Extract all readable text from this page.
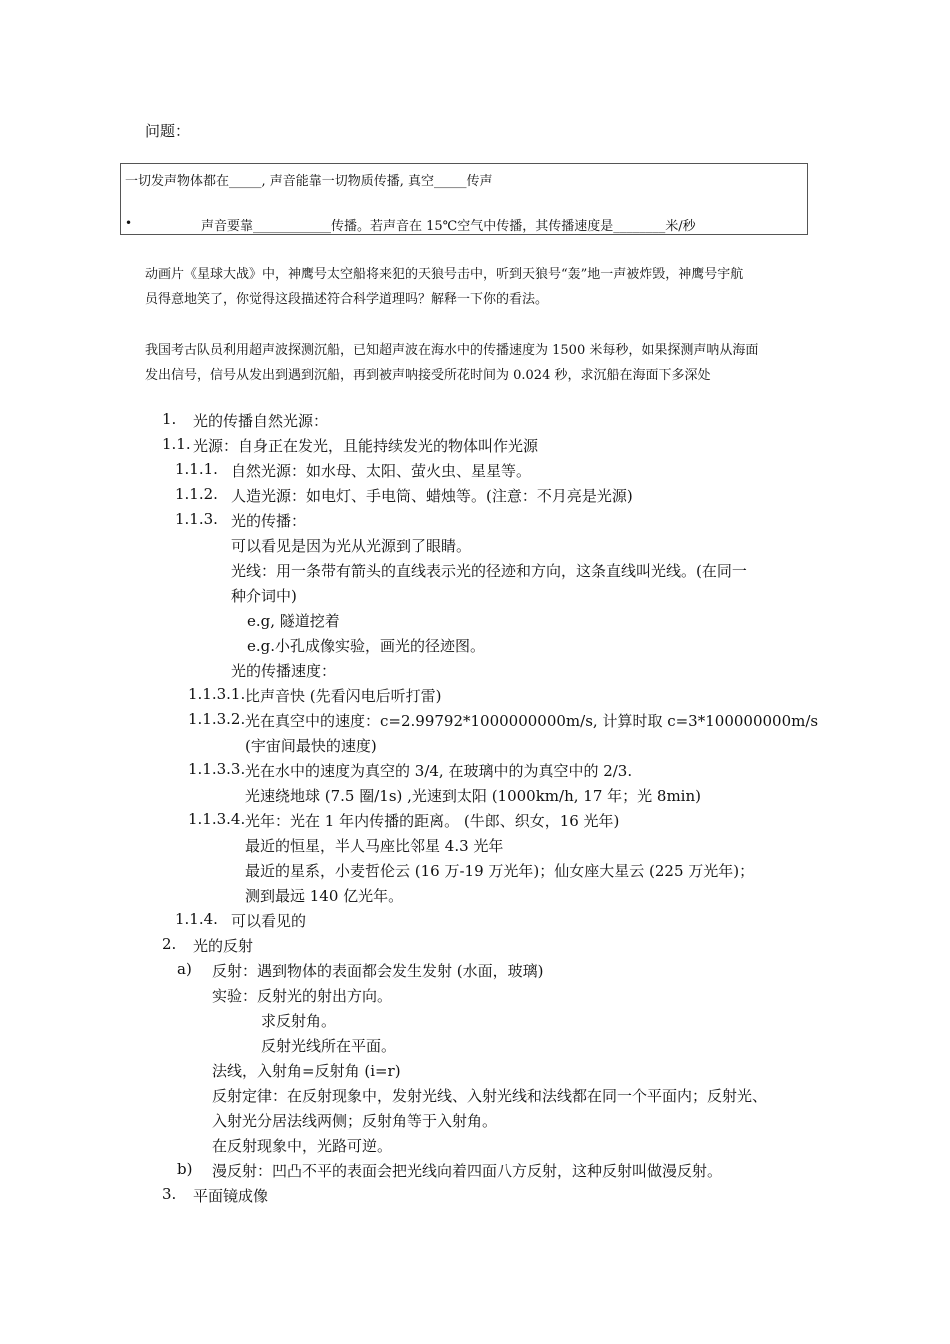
问题：
一切发声物体都在_____, 声音能靠一切物质传播, 真空_____传声
•	声音要靠____________传播。若声音在 15℃空气中传播，其传播速度是________米/秒

动画片《星球大战》中，神鹰号太空船将来犯的天狼号击中，听到天狼号“轰”地一声被炸毁，神鹰号宇航

员得意地笑了，你觉得这段描述符合科学道理吗？解释一下你的看法。

我国考古队员利用超声波探测沉船，已知超声波在海水中的传播速度为 1500 米每秒，如果探测声呐从海面

发出信号，信号从发出到遇到沉船，再到被声呐接受所花时间为 0.024 秒，求沉船在海面下多深处

1. 光的传播自然光源：
1.1. 光源：自身正在发光，且能持续发光的物体叫作光源
1.1.1. 自然光源：如水母、太阳、萤火虫、星星等。
1.1.2. 人造光源：如电灯、手电筒、蜡烛等。(注意：不月亮是光源)
1.1.3. 光的传播：
可以看见是因为光从光源到了眼睛。
光线：用一条带有箭头的直线表示光的径迹和方向，这条直线叫光线。(在同一
种介词中)
e.g, 隧道挖着
e.g.小孔成像实验，画光的径迹图。
光的传播速度：
1.1.3.1. 比声音快 (先看闪电后听打雷)
1.1.3.2. 光在真空中的速度：c=2.99792*1000000000m/s, 计算时取 c=3*100000000m/s
(宇宙间最快的速度)
1.1.3.3. 光在水中的速度为真空的 3/4, 在玻璃中的为真空中的 2/3.
光速绕地球 (7.5 圈/1s) ,光速到太阳 (1000km/h, 17 年；光 8min)
1.1.3.4. 光年：光在 1 年内传播的距离。 (牛郎、织女，16 光年)
最近的恒星，半人马座比邻星 4.3 光年
最近的星系，小麦哲伦云 (16 万-19 万光年)；仙女座大星云 (225 万光年)；
测到最远 140 亿光年。
1.1.4. 可以看见的
2. 光的反射
a) 反射：遇到物体的表面都会发生发射 (水面，玻璃)
实验：反射光的射出方向。
求反射角。
反射光线所在平面。
法线，入射角=反射角 (i=r)
反射定律：在反射现象中，发射光线、入射光线和法线都在同一个平面内；反射光、
入射光分居法线两侧；反射角等于入射角。
在反射现象中，光路可逆。
b) 漫反射：凹凸不平的表面会把光线向着四面八方反射，这种反射叫做漫反射。
3. 平面镜成像
